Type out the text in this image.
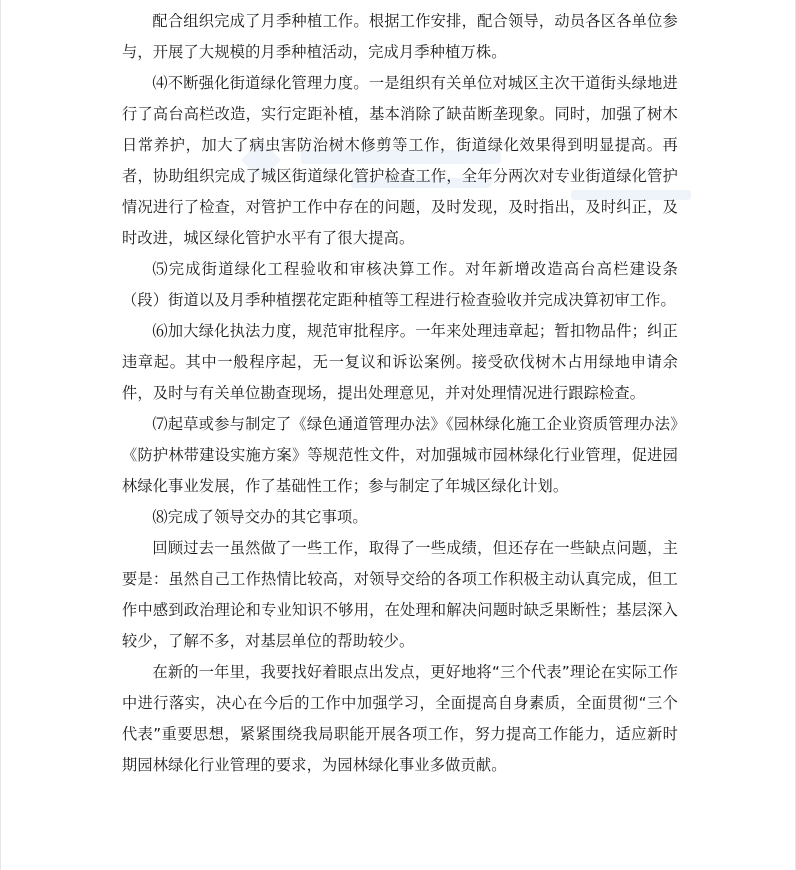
配合组织完成了月季种植工作。根据工作安排，配合领导，动员各区各单位参与，开展了大规模的月季种植活动，完成月季种植万株。

⑷不断强化街道绿化管理力度。一是组织有关单位对城区主次干道街头绿地进行了高台高栏改造，实行定距补植，基本消除了缺苗断垄现象。同时，加强了树木日常养护，加大了病虫害防治树木修剪等工作，街道绿化效果得到明显提高。再者，协助组织完成了城区街道绿化管护检查工作，全年分两次对专业街道绿化管护情况进行了检查，对管护工作中存在的问题，及时发现，及时指出，及时纠正，及时改进，城区绿化管护水平有了很大提高。

⑸完成街道绿化工程验收和审核决算工作。对年新增改造高台高栏建设条（段）街道以及月季种植摆花定距种植等工程进行检查验收并完成决算初审工作。

⑹加大绿化执法力度，规范审批程序。一年来处理违章起；暂扣物品件；纠正违章起。其中一般程序起，无一复议和诉讼案例。接受砍伐树木占用绿地申请余件，及时与有关单位勘查现场，提出处理意见，并对处理情况进行跟踪检查。

⑺起草或参与制定了《绿色通道管理办法》《园林绿化施工企业资质管理办法》《防护林带建设实施方案》等规范性文件，对加强城市园林绿化行业管理，促进园林绿化事业发展，作了基础性工作；参与制定了年城区绿化计划。

⑻完成了领导交办的其它事项。

回顾过去一虽然做了一些工作，取得了一些成绩，但还存在一些缺点问题，主要是：虽然自己工作热情比较高，对领导交给的各项工作积极主动认真完成，但工作中感到政治理论和专业知识不够用，在处理和解决问题时缺乏果断性；基层深入较少，了解不多，对基层单位的帮助较少。

在新的一年里，我要找好着眼点出发点，更好地将“三个代表”理论在实际工作中进行落实，决心在今后的工作中加强学习，全面提高自身素质，全面贯彻“三个代表”重要思想，紧紧围绕我局职能开展各项工作，努力提高工作能力，适应新时期园林绿化行业管理的要求，为园林绿化事业多做贡献。
